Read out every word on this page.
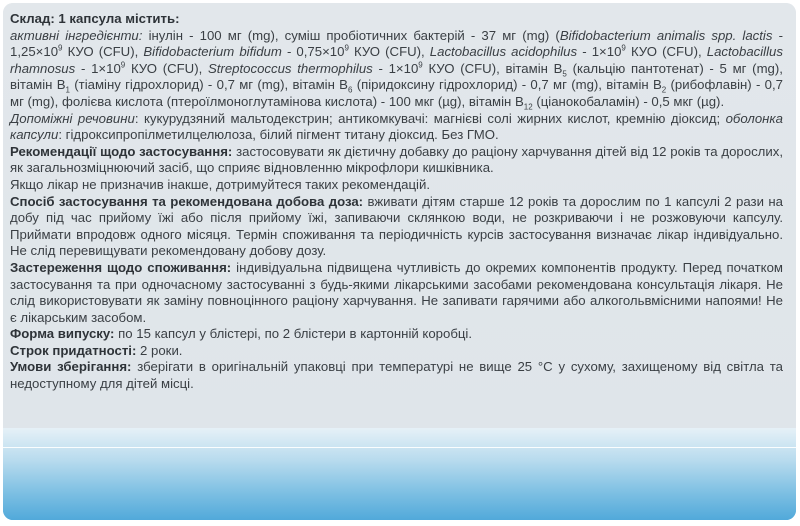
Склад: 1 капсула містить:
активні інгредієнти: інулін - 100 мг (mg), суміш пробіотичних бактерій - 37 мг (mg) (Bifidobacterium animalis spp. lactis - $1,25\times 10^9$ КУО (CFU), Bifidobacterium bifidum - $0,75\times 10^9$ КУО (CFU), Lactobacillus acidophilus - $1\times 10^9$ КУО (CFU), Lactobacillus rhamnosus - $1\times 10^9$ КУО (CFU), Streptococcus thermophilus - $1\times 10^9$ КУО (CFU), вітамін $B_5$ (кальцію пантотенат) - 5 мг (mg), вітамін $B_1$ (тіаміну гідрохлорид) - 0,7 мг (mg), вітамін $B_6$ (піридоксину гідрохлорид) - 0,7 мг (mg), вітамін $B_2$ (рибофлавін) - 0,7 мг (mg), фолієва кислота (птероїлмоноглутамінова кислота) - 100 мкг (µg), вітамін $B_{12}$ (ціанокобаламін) - 0,5 мкг (µg).
Допоміжні речовини: кукурудзяний мальтодекстрин; антикомкувачі: магнієві солі жирних кислот, кремнію діоксид; оболонка капсули: гідроксипропілметилцелюлоза, білий пігмент титану діоксид. Без ГМО.

Рекомендації щодо застосування: застосовувати як дієтичну добавку до раціону харчування дітей від 12 років та дорослих, як загальнозміцнюючий засіб, що сприяє відновленню мікрофлори кишківника.
Якщо лікар не призначив інакше, дотримуйтеся таких рекомендацій.

Спосіб застосування та рекомендована добова доза: вживати дітям старше 12 років та дорослим по 1 капсулі 2 рази на добу під час прийому їжі або після прийому їжі, запиваючи склянкою води, не розкриваючи і не розжовуючи капсулу. Приймати впродовж одного місяця. Термін споживання та періодичність курсів застосування визначає лікар індивідуально. Не слід перевищувати рекомендовану добову дозу.

Застереження щодо споживання: індивідуальна підвищена чутливість до окремих компонентів продукту. Перед початком застосування та при одночасному застосуванні з будь-якими лікарськими засобами рекомендована консультація лікаря. Не слід використовувати як заміну повноцінного раціону харчування. Не запивати гарячими або алкогольвмісними напоями! Не є лікарським засобом.

Форма випуску: по 15 капсул у блістері, по 2 блістери в картонній коробці.

Строк придатності: 2 роки.

Умови зберігання: зберігати в оригінальній упаковці при температурі не вище 25 °С у сухому, захищеному від світла та недоступному для дітей місці.
